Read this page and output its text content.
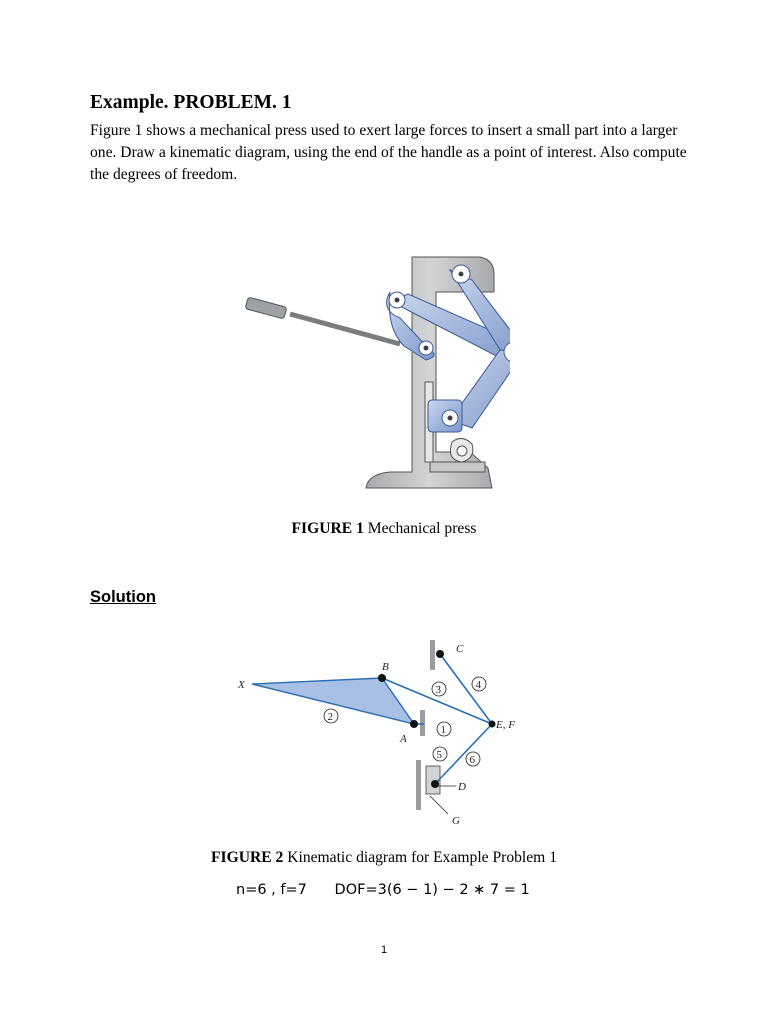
Example. PROBLEM. 1
Figure 1 shows a mechanical press used to exert large forces to insert a small part into a larger one. Draw a kinematic diagram, using the end of the handle as a point of interest. Also compute the degrees of freedom.
FIGURE 1 Mechanical press
Solution
X
A
B
C
D
E, F
G
1
2
3	4
5	6
FIGURE 2 Kinematic diagram for Example Problem 1
n=6 , f=7      DOF=3(6 − 1) − 2 ∗ 7 = 1
1
